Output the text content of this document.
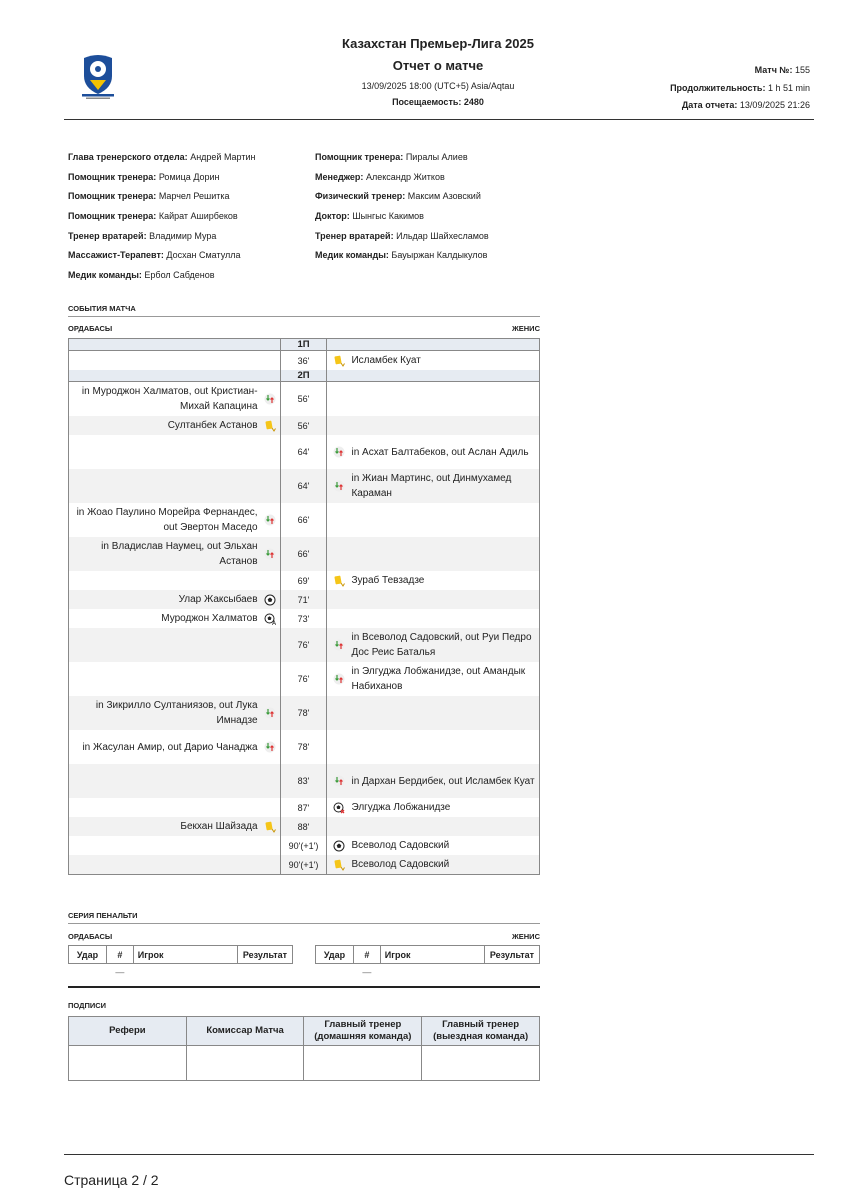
Казахстан Премьер-Лига 2025
Отчет о матче
13/09/2025 18:00 (UTC+5) Asia/Aqtau
Посещаемость: 2480
Матч №: 155
Продолжительность: 1 h 51 min
Дата отчета: 13/09/2025 21:26
Глава тренерского отдела: Андрей Мартин
Помощник тренера: Ромица Дорин
Помощник тренера: Марчел Решитка
Помощник тренера: Кайрат Аширбеков
Тренер вратарей: Владимир Мура
Массажист-Терапевт: Досхан Сматулла
Медик команды: Ербол Сабденов
Помощник тренера: Пиралы Алиев
Менеджер: Александр Житков
Физический тренер: Максим Азовский
Доктор: Шынгыс Какимов
Тренер вратарей: Ильдар Шайхесламов
Медик команды: Бауыржан Калдыкулов
СОБЫТИЯ МАТЧА
ОРДАБАСЫ	ЖЕНИС
	1П	
	36'	Исламбек Куат

	2П	

in Муроджон Халматов, out Кристиан-Михай Капацина	56'	

Султанбек Астанов	56'	
	64'	in Асхат Балтабеков, out Аслан Адиль

	64'	in Жиан Мартинс, out Динмухамед Караман

in Жоао Паулино Морейра Фернандес, out Эвертон Маседо	66'	

in Владислав Наумец, out Эльхан Астанов	66'	
	69'	Зураб Тевзадзе

Улар Жаксыбаев	71'	

Муроджон Халматов A	73'	
	76'	in Всеволод Садовский, out Руи Педро Дос Реис Баталья

	76'	in Элгуджа Лобжанидзе, out Амандык Набиханов

in Зикрилло Султаниязов, out Лука Имнадзе	78'	

in Жасулан Амир, out Дарио Чанаджа	78'	
	83'	in Дархан Бердибек, out Исламбек Куат

	87'	Элгуджа Лобжанидзе

Бекхан Шайзада	88'	
	90'(+1')	Всеволод Садовский

	90'(+1')	Всеволод Садовский
СЕРИЯ ПЕНАЛЬТИ
ОРДАБАСЫ	ЖЕНИС
Удар	#	Игрок	Результат
	—		
Удар	#	Игрок	Результат
	—		
ПОДПИСИ
Рефери	Комиссар Матча	Главный тренер (домашняя команда)	Главный тренер (выездная команда)

Страница 2 / 2
